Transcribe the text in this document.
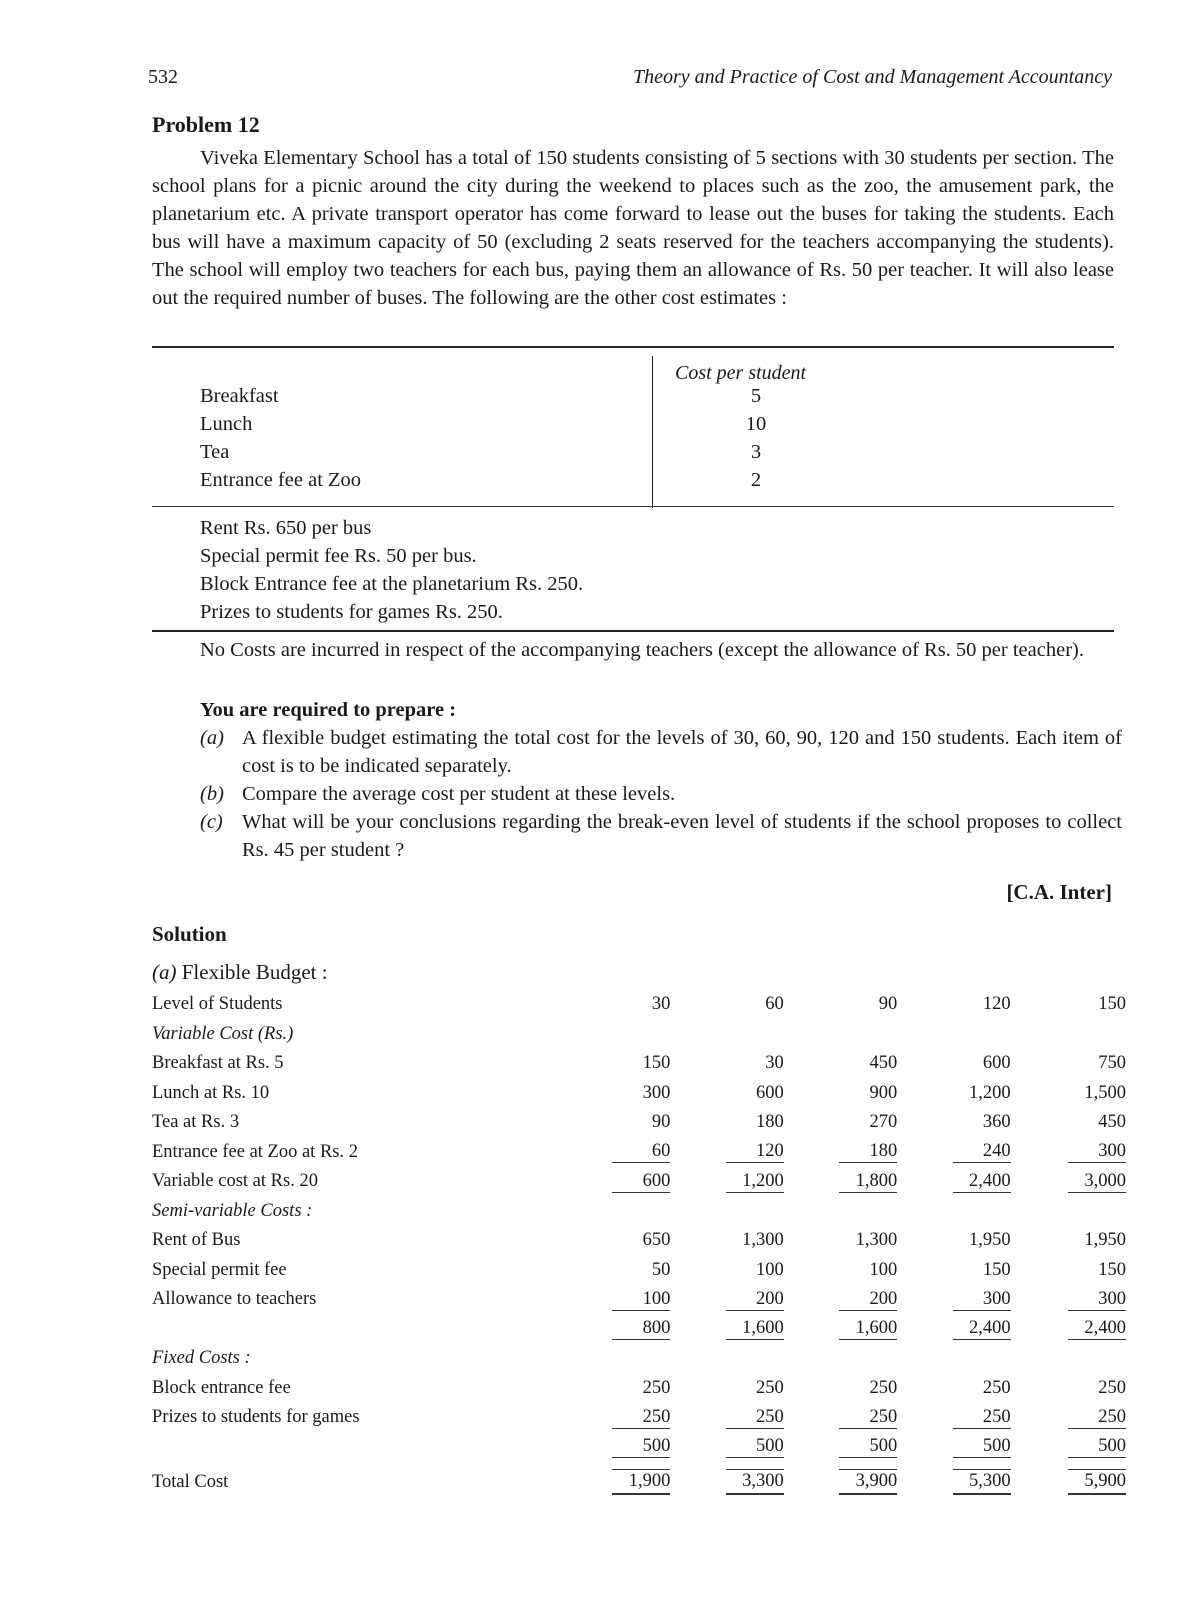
532	Theory and Practice of Cost and Management Accountancy
Problem 12

Viveka Elementary School has a total of 150 students consisting of 5 sections with 30 students per section. The school plans for a picnic around the city during the weekend to places such as the zoo, the amusement park, the planetarium etc. A private transport operator has come forward to lease out the buses for taking the students. Each bus will have a maximum capacity of 50 (excluding 2 seats reserved for the teachers accompanying the students). The school will employ two teachers for each bus, paying them an allowance of Rs. 50 per teacher. It will also lease out the required number of buses. The following are the other cost estimates :

Cost per student
Breakfast	5
Lunch	10
Tea	3
Entrance fee at Zoo	2
Rent Rs. 650 per bus
Special permit fee Rs. 50 per bus.
Block Entrance fee at the planetarium Rs. 250.
Prizes to students for games Rs. 250.

No Costs are incurred in respect of the accompanying teachers (except the allowance of Rs. 50 per teacher).

You are required to prepare :
(a) A flexible budget estimating the total cost for the levels of 30, 60, 90, 120 and 150 students. Each item of cost is to be indicated separately.
(b) Compare the average cost per student at these levels.
(c) What will be your conclusions regarding the break-even level of students if the school proposes to collect Rs. 45 per student ?
[C.A. Inter]
Solution
(a) Flexible Budget :
Level of Students	30	60	90	120	150
Variable Cost (Rs.)					
Breakfast at Rs. 5	150	30	450	600	750
Lunch at Rs. 10	300	600	900	1,200	1,500
Tea at Rs. 3	90	180	270	360	450
Entrance fee at Zoo at Rs. 2	60	120	180	240	300
Variable cost at Rs. 20	600	1,200	1,800	2,400	3,000
Semi-variable Costs :					
Rent of Bus	650	1,300	1,300	1,950	1,950
Special permit fee	50	100	100	150	150
Allowance to teachers	100	200	200	300	300
	800	1,600	1,600	2,400	2,400
Fixed Costs :					
Block entrance fee	250	250	250	250	250
Prizes to students for games	250	250	250	250	250
	500	500	500	500	500
Total Cost	1,900	3,300	3,900	5,300	5,900
